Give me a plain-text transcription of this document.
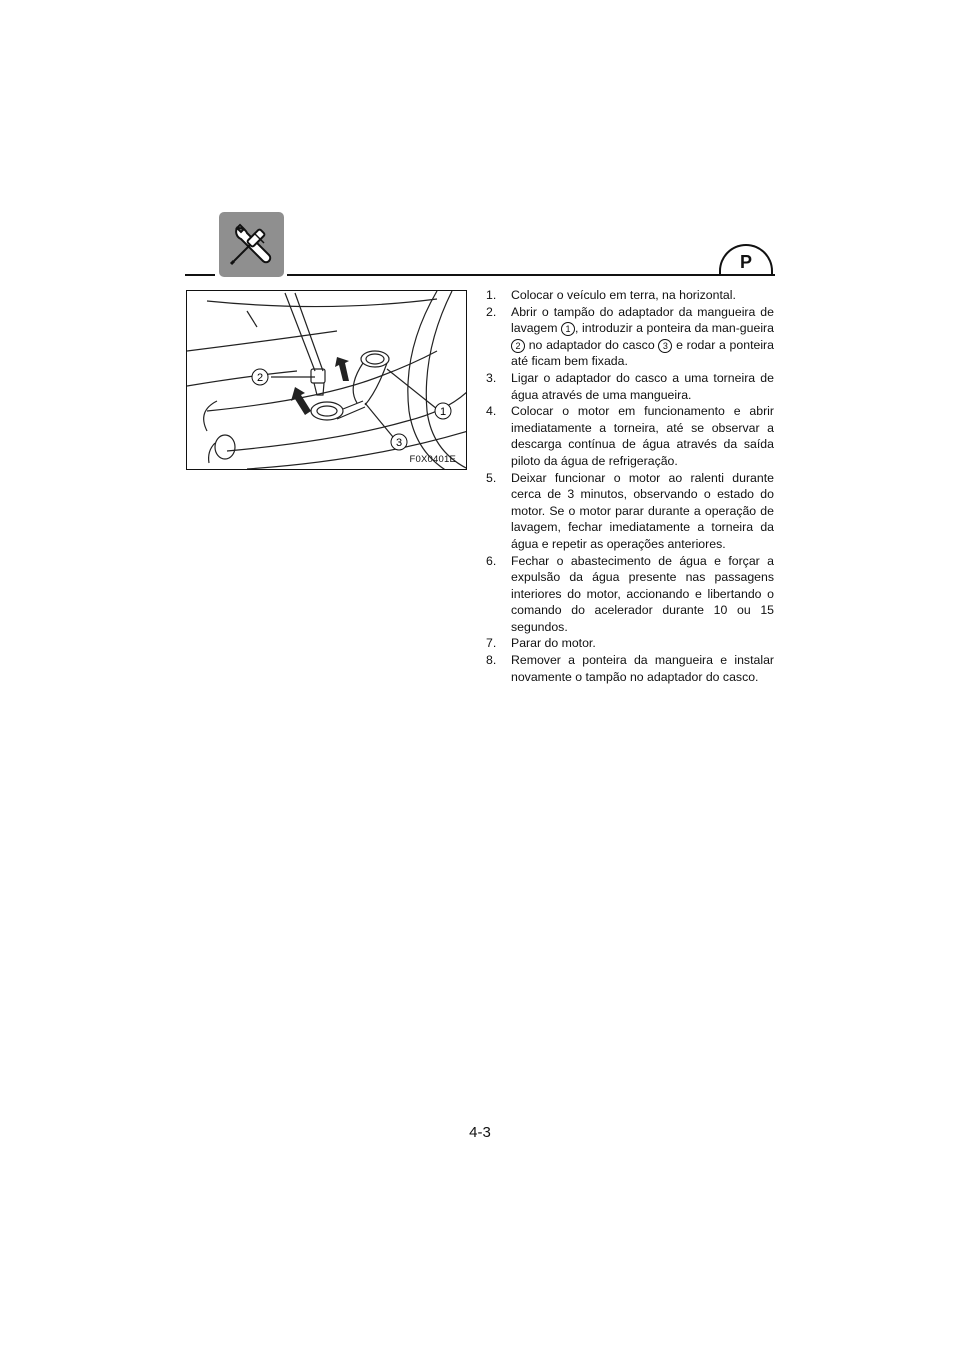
P
2
1
3
F0X0401E
1. Colocar o veículo em terra, na horizontal.
2. Abrir o tampão do adaptador da mangueira de lavagem 1 , introduzir a ponteira da man-gueira 2 no adaptador do casco 3 e rodar a ponteira até ficam bem fixada.
3. Ligar o adaptador do casco a uma torneira de água através de uma mangueira.
4. Colocar o motor em funcionamento e abrir imediatamente a torneira, até se observar a descarga contínua de água através da saída piloto da água de refrigeração.
5. Deixar funcionar o motor ao ralenti durante cerca de 3 minutos, observando o estado do motor. Se o motor parar durante a operação de lavagem, fechar imediatamente a torneira da água e repetir as operações anteriores.
6. Fechar o abastecimento de água e forçar a expulsão da água presente nas passagens interiores do motor, accionando e libertando o comando do acelerador durante 10 ou 15 segundos.
7. Parar do motor.
8. Remover a ponteira da mangueira e instalar novamente o tampão no adaptador do casco.
4-3
